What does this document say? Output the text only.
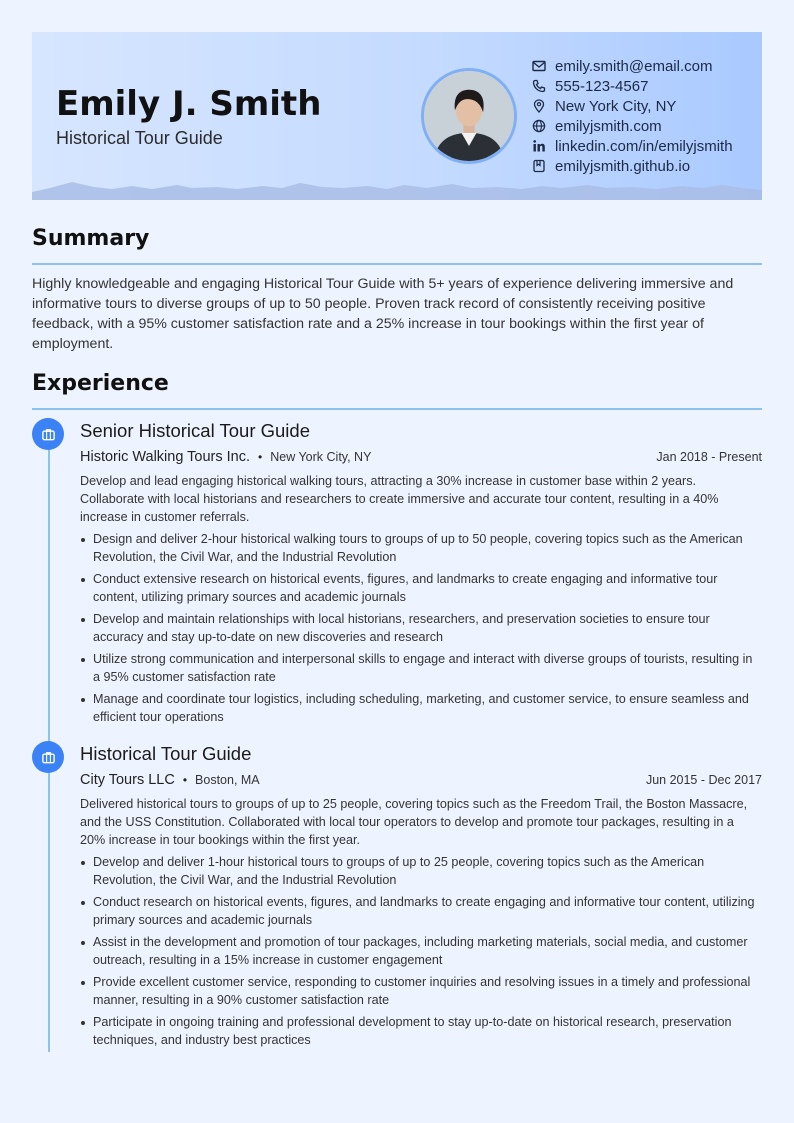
Emily J. Smith
Historical Tour Guide
emily.smith@email.com
555-123-4567
New York City, NY
emilyjsmith.com
linkedin.com/in/emilyjsmith
emilyjsmith.github.io
Summary
Highly knowledgeable and engaging Historical Tour Guide with 5+ years of experience delivering immersive and informative tours to diverse groups of up to 50 people. Proven track record of consistently receiving positive feedback, with a 95% customer satisfaction rate and a 25% increase in tour bookings within the first year of employment.
Experience
Senior Historical Tour Guide
Historic Walking Tours Inc. • New York City, NY	Jan 2018 - Present
Develop and lead engaging historical walking tours, attracting a 30% increase in customer base within 2 years. Collaborate with local historians and researchers to create immersive and accurate tour content, resulting in a 40% increase in customer referrals.
Design and deliver 2-hour historical walking tours to groups of up to 50 people, covering topics such as the American Revolution, the Civil War, and the Industrial Revolution
Conduct extensive research on historical events, figures, and landmarks to create engaging and informative tour content, utilizing primary sources and academic journals
Develop and maintain relationships with local historians, researchers, and preservation societies to ensure tour accuracy and stay up-to-date on new discoveries and research
Utilize strong communication and interpersonal skills to engage and interact with diverse groups of tourists, resulting in a 95% customer satisfaction rate
Manage and coordinate tour logistics, including scheduling, marketing, and customer service, to ensure seamless and efficient tour operations
Historical Tour Guide
City Tours LLC • Boston, MA	Jun 2015 - Dec 2017
Delivered historical tours to groups of up to 25 people, covering topics such as the Freedom Trail, the Boston Massacre, and the USS Constitution. Collaborated with local tour operators to develop and promote tour packages, resulting in a 20% increase in tour bookings within the first year.
Develop and deliver 1-hour historical tours to groups of up to 25 people, covering topics such as the American Revolution, the Civil War, and the Industrial Revolution
Conduct research on historical events, figures, and landmarks to create engaging and informative tour content, utilizing primary sources and academic journals
Assist in the development and promotion of tour packages, including marketing materials, social media, and customer outreach, resulting in a 15% increase in customer engagement
Provide excellent customer service, responding to customer inquiries and resolving issues in a timely and professional manner, resulting in a 90% customer satisfaction rate
Participate in ongoing training and professional development to stay up-to-date on historical research, preservation techniques, and industry best practices
